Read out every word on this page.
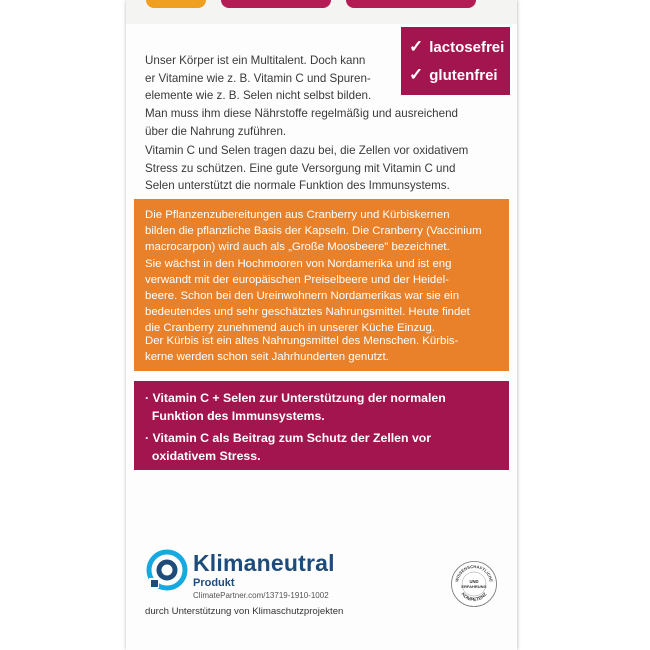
Unser Körper ist ein Multitalent. Doch kann
er Vitamine wie z. B. Vitamin C und Spuren-
elemente wie z. B. Selen nicht selbst bilden.
Man muss ihm diese Nährstoffe regelmäßig und ausreichend
über die Nahrung zuführen.
Vitamin C und Selen tragen dazu bei, die Zellen vor oxidativem
Stress zu schützen. Eine gute Versorgung mit Vitamin C und
Selen unterstützt die normale Funktion des Immunsystems.
✓ lactosefrei
✓ glutenfrei
Die Pflanzenzubereitungen aus Cranberry und Kürbiskernen
bilden die pflanzliche Basis der Kapseln. Die Cranberry (Vaccinium
macrocarpon) wird auch als „Große Moosbeere" bezeichnet.
Sie wächst in den Hochmooren von Nordamerika und ist eng
verwandt mit der europäischen Preiselbeere und der Heidel-
beere. Schon bei den Ureinwohnern Nordamerikas war sie ein
bedeutendes und sehr geschätztes Nahrungsmittel. Heute findet
die Cranberry zunehmend auch in unserer Küche Einzug.
Der Kürbis ist ein altes Nahrungsmittel des Menschen. Kürbis-
kerne werden schon seit Jahrhunderten genutzt.
· Vitamin C + Selen zur Unterstützung der normalen
Funktion des Immunsystems.
· Vitamin C als Beitrag zum Schutz der Zellen vor
oxidativem Stress.
Klimaneutral
Produkt
ClimatePartner.com/13719-1910-1002
durch Unterstützung von Klimaschutzprojekten
WISSENSCHAFTLICHE
KOMPETENZ
UND
ERFAHRUNG
